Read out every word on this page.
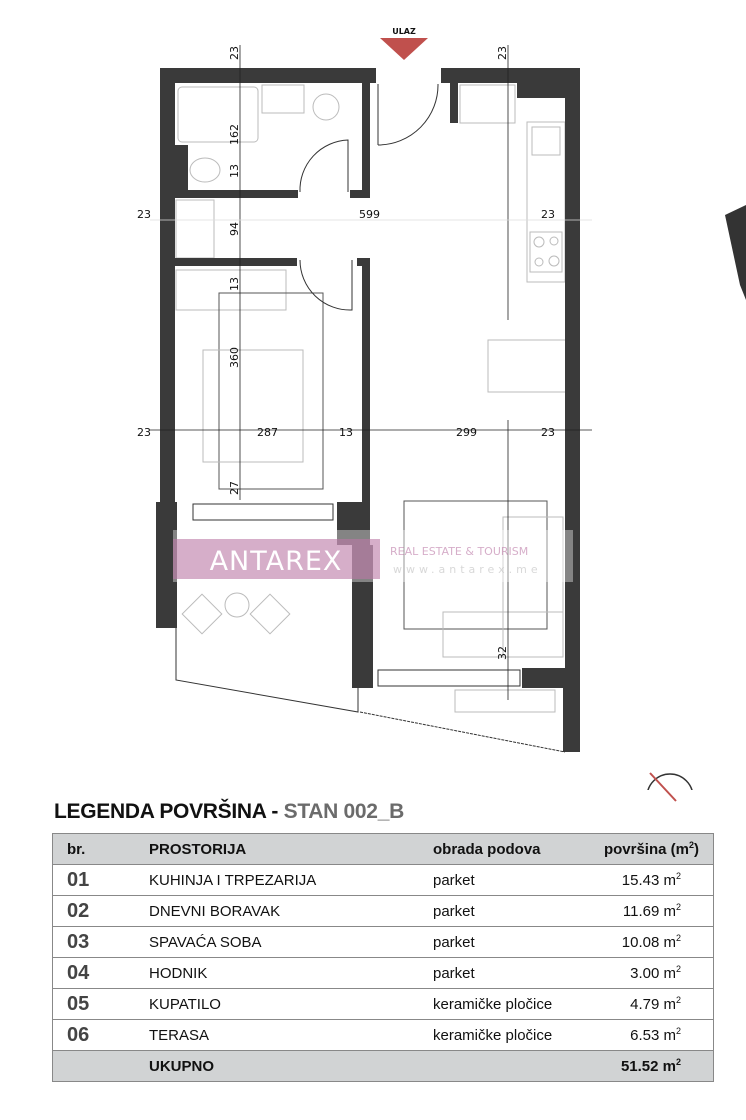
ULAZ
23	23
162
13
94
13
360
27
32
23	599	23
23	287	13	299	23
ANTAREX	REAL ESTATE & TOURISM
www.antarex.me
LEGENDA POVRŠINA - STAN 002_B
br.	PROSTORIJA	obrada podova	površina $(m^2)$
01	KUHINJA I TRPEZARIJA	parket	15.43 $m^2$
02	DNEVNI BORAVAK	parket	11.69 $m^2$
03	SPAVAĆA SOBA	parket	10.08 $m^2$
04	HODNIK	parket	3.00 $m^2$
05	KUPATILO	keramičke pločice	4.79 $m^2$
06	TERASA	keramičke pločice	6.53 $m^2$
	UKUPNO		51.52 $m^2$
